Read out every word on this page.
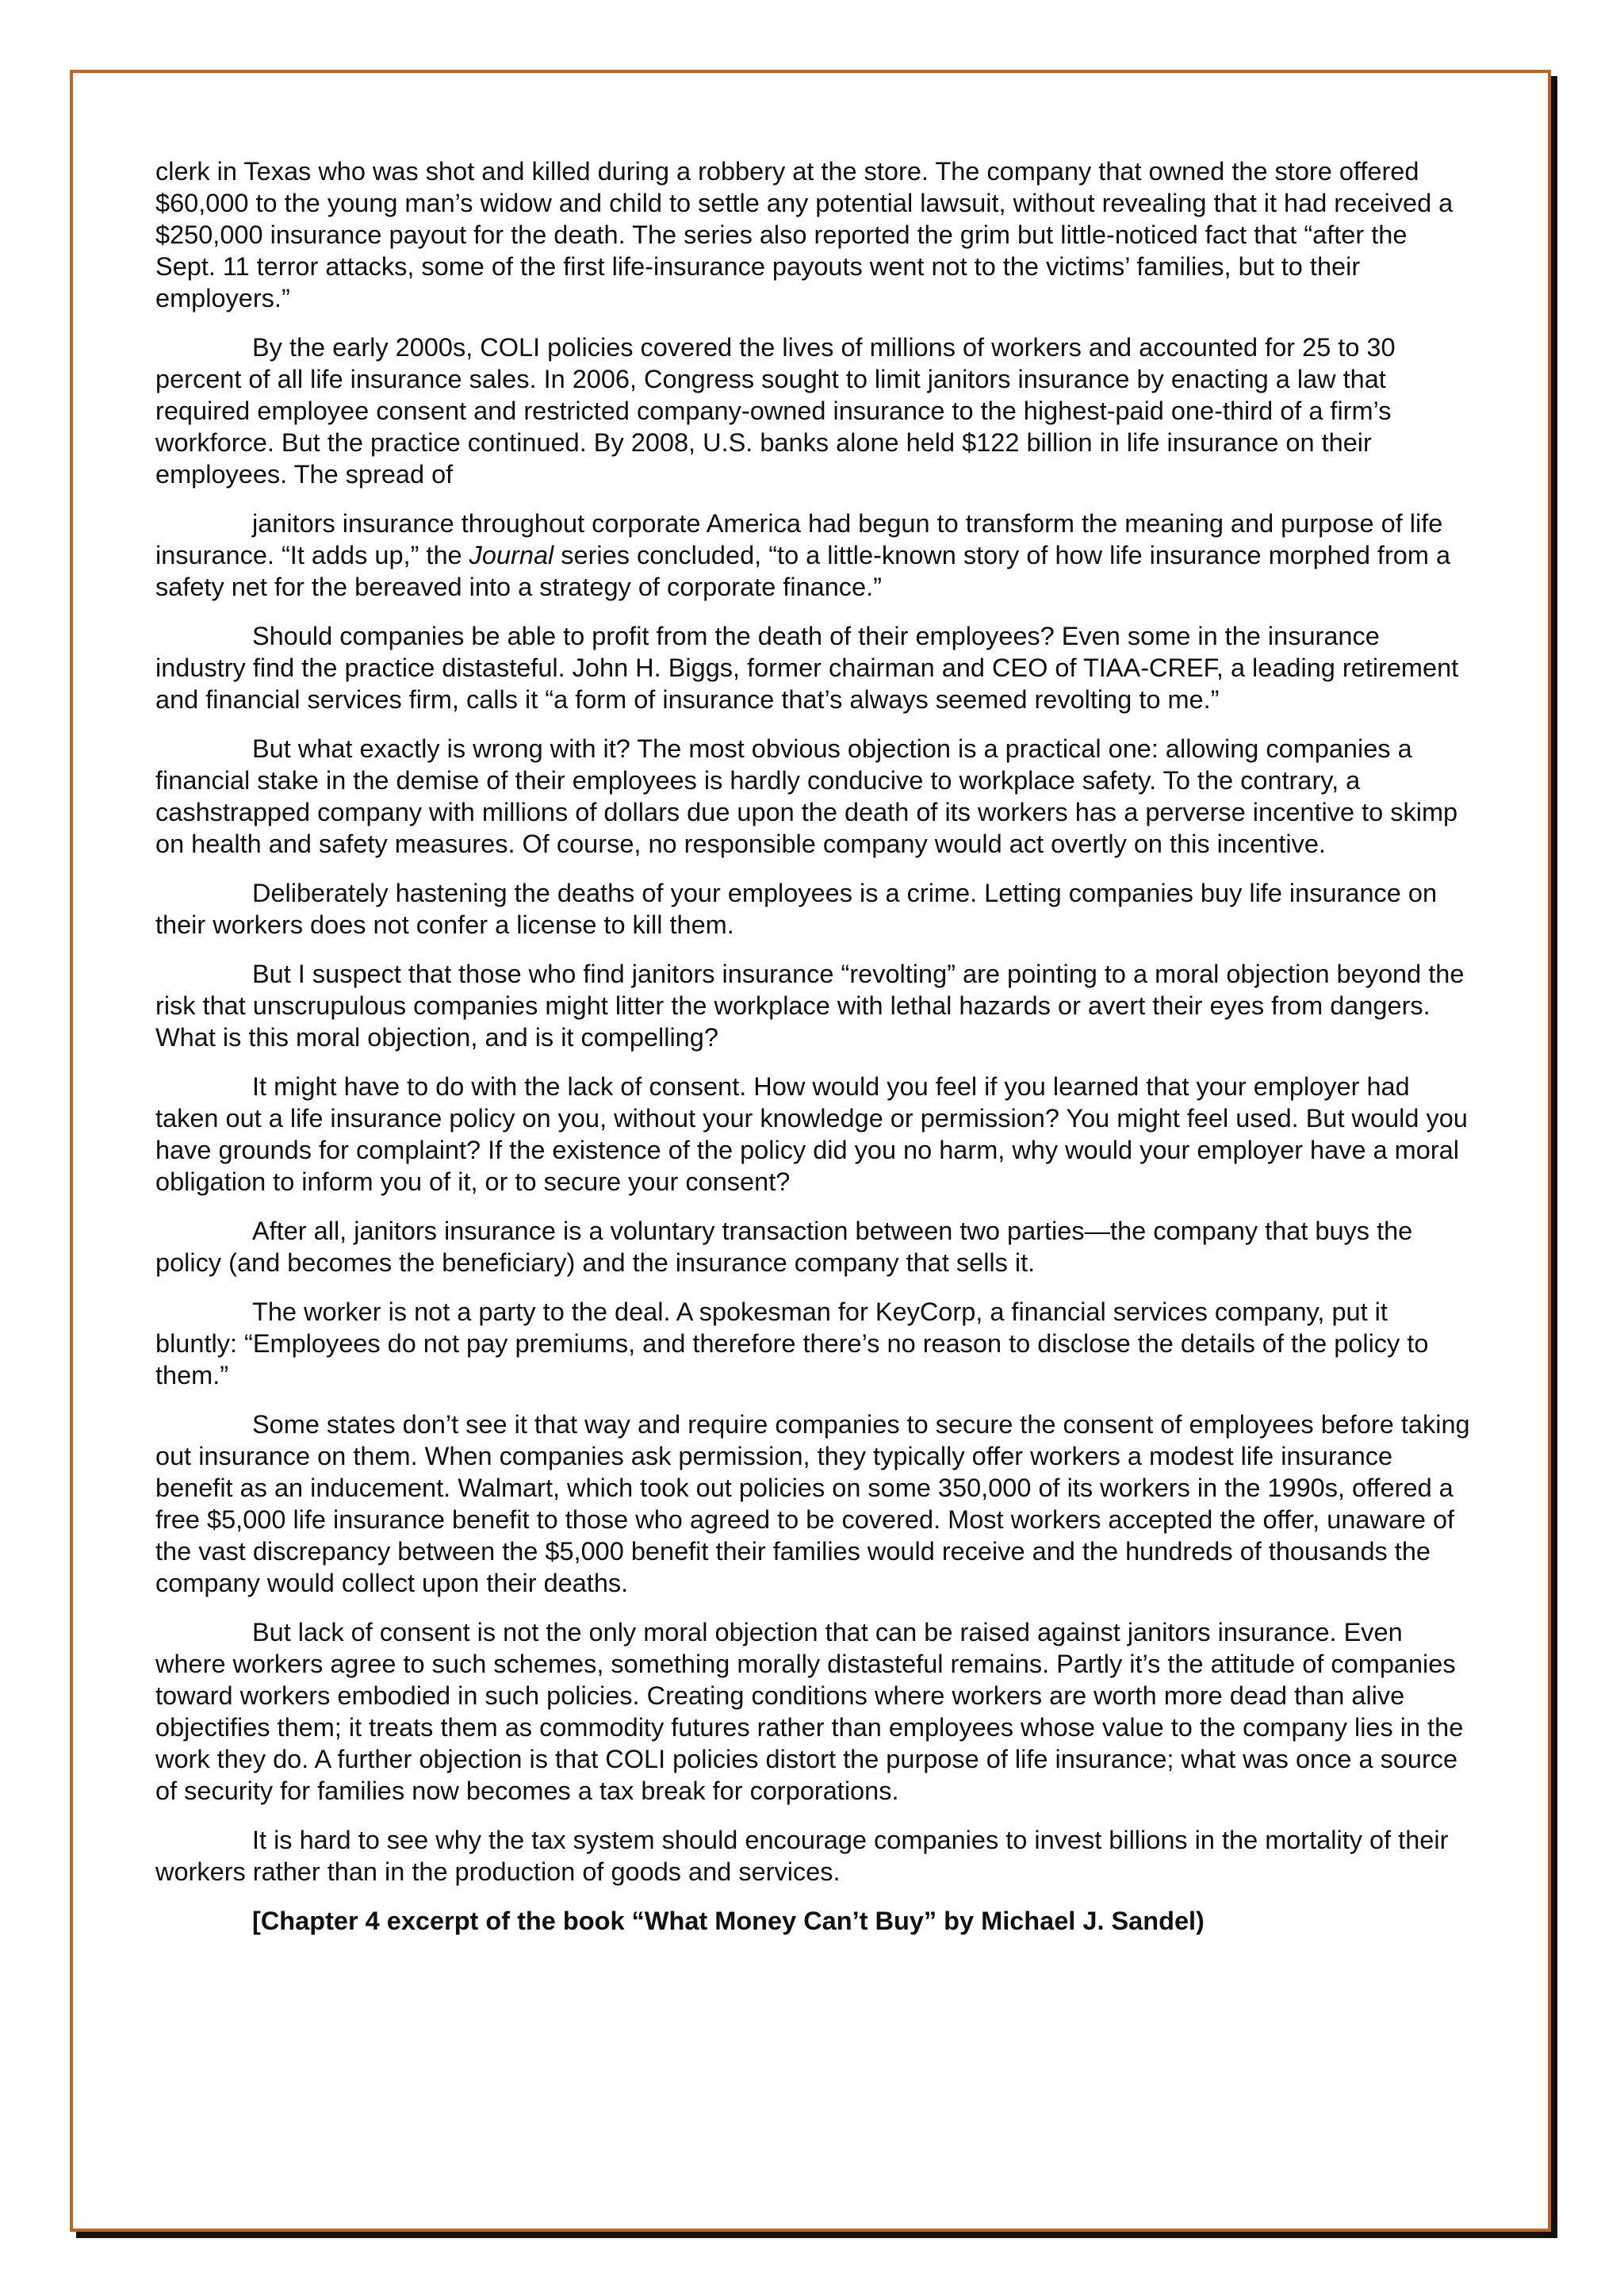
clerk in Texas who was shot and killed during a robbery at the store. The company that owned the store offered $60,000 to the young man’s widow and child to settle any potential lawsuit, without revealing that it had received a $250,000 insurance payout for the death. The series also reported the grim but little-noticed fact that “after the Sept. 11 terror attacks, some of the first life-insurance payouts went not to the victims’ families, but to their employers.”

By the early 2000s, COLI policies covered the lives of millions of workers and accounted for 25 to 30 percent of all life insurance sales. In 2006, Congress sought to limit janitors insurance by enacting a law that required employee consent and restricted company-owned insurance to the highest-paid one-third of a firm’s workforce. But the practice continued. By 2008, U.S. banks alone held $122 billion in life insurance on their employees. The spread of

janitors insurance throughout corporate America had begun to transform the meaning and purpose of life insurance. “It adds up,” the Journal series concluded, “to a little-known story of how life insurance morphed from a safety net for the bereaved into a strategy of corporate finance.”

Should companies be able to profit from the death of their employees? Even some in the insurance industry find the practice distasteful. John H. Biggs, former chairman and CEO of TIAA-CREF, a leading retirement and financial services firm, calls it “a form of insurance that’s always seemed revolting to me.”

But what exactly is wrong with it? The most obvious objection is a practical one: allowing companies a financial stake in the demise of their employees is hardly conducive to workplace safety. To the contrary, a cashstrapped company with millions of dollars due upon the death of its workers has a perverse incentive to skimp on health and safety measures. Of course, no responsible company would act overtly on this incentive.

Deliberately hastening the deaths of your employees is a crime. Letting companies buy life insurance on their workers does not confer a license to kill them.

But I suspect that those who find janitors insurance “revolting” are pointing to a moral objection beyond the risk that unscrupulous companies might litter the workplace with lethal hazards or avert their eyes from dangers. What is this moral objection, and is it compelling?

It might have to do with the lack of consent. How would you feel if you learned that your employer had taken out a life insurance policy on you, without your knowledge or permission? You might feel used. But would you have grounds for complaint? If the existence of the policy did you no harm, why would your employer have a moral obligation to inform you of it, or to secure your consent?

After all, janitors insurance is a voluntary transaction between two parties—the company that buys the policy (and becomes the beneficiary) and the insurance company that sells it.

The worker is not a party to the deal. A spokesman for KeyCorp, a financial services company, put it bluntly: “Employees do not pay premiums, and therefore there’s no reason to disclose the details of the policy to them.”

Some states don’t see it that way and require companies to secure the consent of employees before taking out insurance on them. When companies ask permission, they typically offer workers a modest life insurance benefit as an inducement. Walmart, which took out policies on some 350,000 of its workers in the 1990s, offered a free $5,000 life insurance benefit to those who agreed to be covered. Most workers accepted the offer, unaware of the vast discrepancy between the $5,000 benefit their families would receive and the hundreds of thousands the company would collect upon their deaths.

But lack of consent is not the only moral objection that can be raised against janitors insurance. Even where workers agree to such schemes, something morally distasteful remains. Partly it’s the attitude of companies toward workers embodied in such policies. Creating conditions where workers are worth more dead than alive objectifies them; it treats them as commodity futures rather than employees whose value to the company lies in the work they do. A further objection is that COLI policies distort the purpose of life insurance; what was once a source of security for families now becomes a tax break for corporations.

It is hard to see why the tax system should encourage companies to invest billions in the mortality of their workers rather than in the production of goods and services.

[Chapter 4 excerpt of the book “What Money Can’t Buy” by Michael J. Sandel)
